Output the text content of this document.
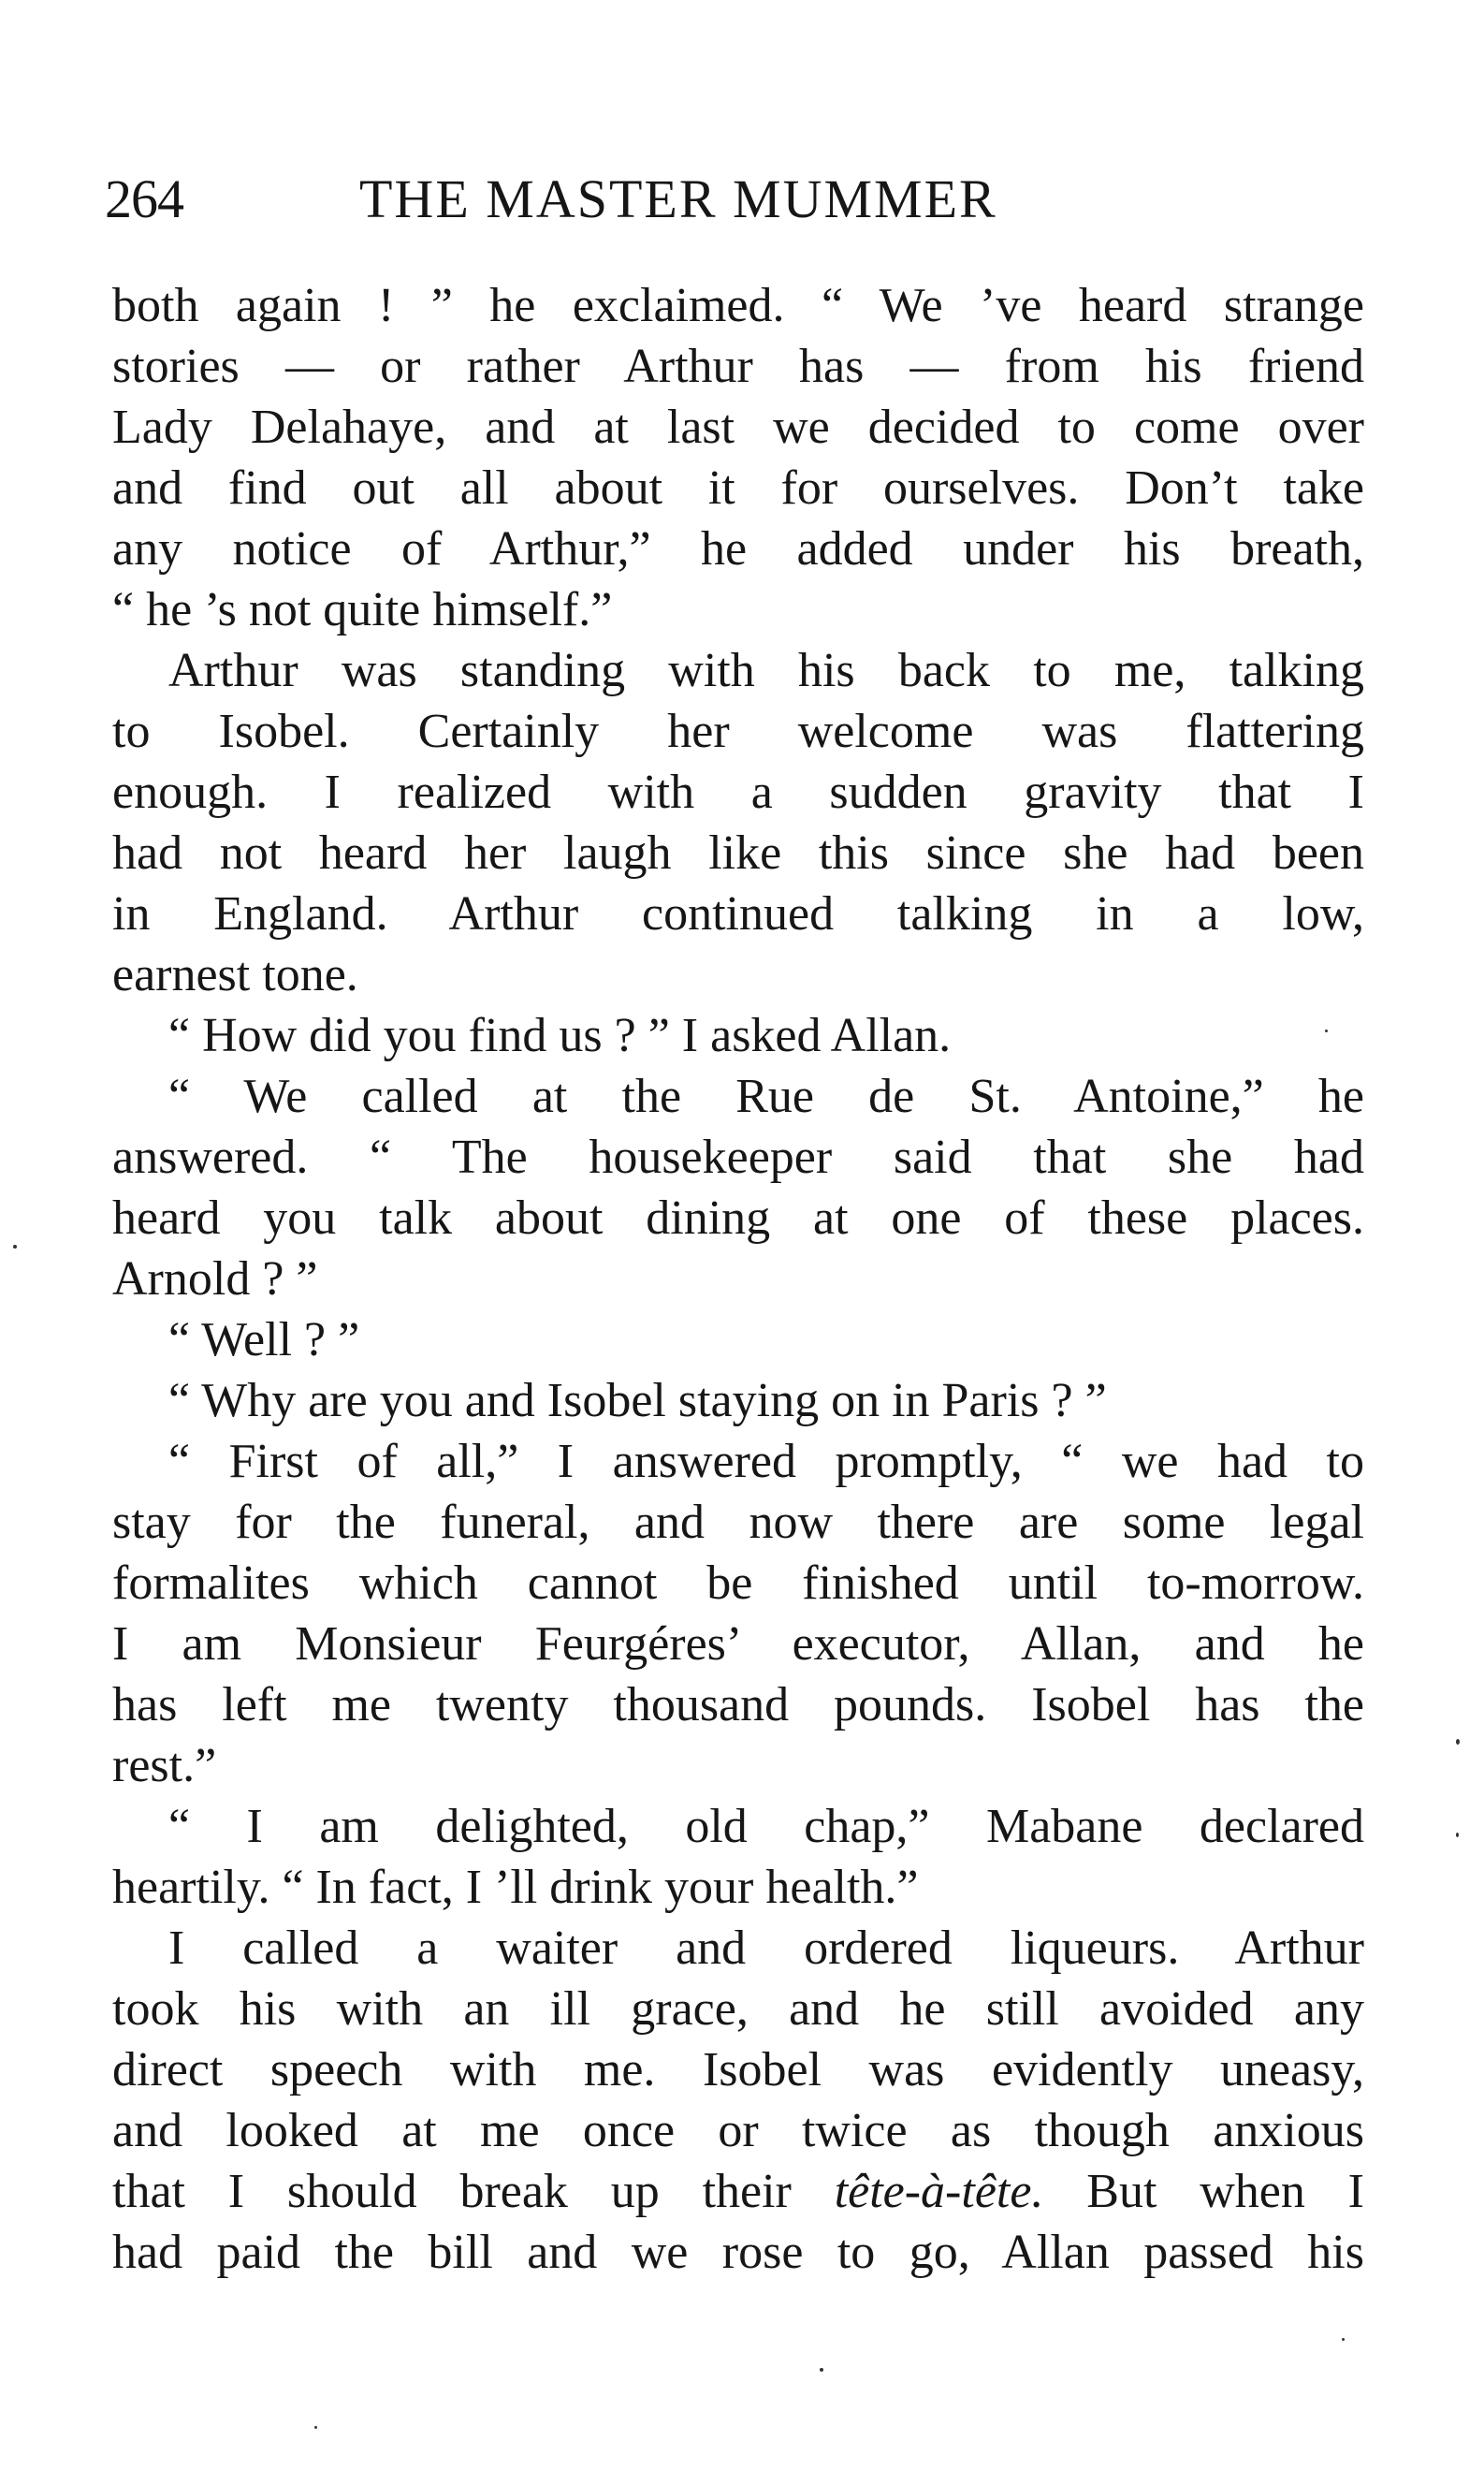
264	THE MASTER MUMMER
both again ! ” he exclaimed. “ We ’ve heard strange
stories — or rather Arthur has — from his friend
Lady Delahaye, and at last we decided to come over
and find out all about it for ourselves. Don’t take
any notice of Arthur,” he added under his breath,
“ he ’s not quite himself.”
Arthur was standing with his back to me, talking
to Isobel. Certainly her welcome was flattering
enough. I realized with a sudden gravity that I
had not heard her laugh like this since she had been
in England. Arthur continued talking in a low,
earnest tone.
“ How did you find us ? ” I asked Allan.
“ We called at the Rue de St. Antoine,” he
answered. “ The housekeeper said that she had
heard you talk about dining at one of these places.
Arnold ? ”
“ Well ? ”
“ Why are you and Isobel staying on in Paris ? ”
“ First of all,” I answered promptly, “ we had to
stay for the funeral, and now there are some legal
formalites which cannot be finished until to-morrow.
I am Monsieur Feurgéres’ executor, Allan, and he
has left me twenty thousand pounds. Isobel has the
rest.”
“ I am delighted, old chap,” Mabane declared
heartily. “ In fact, I ’ll drink your health.”
I called a waiter and ordered liqueurs. Arthur
took his with an ill grace, and he still avoided any
direct speech with me. Isobel was evidently uneasy,
and looked at me once or twice as though anxious
that I should break up their tête-à-tête. But when I
had paid the bill and we rose to go, Allan passed his
